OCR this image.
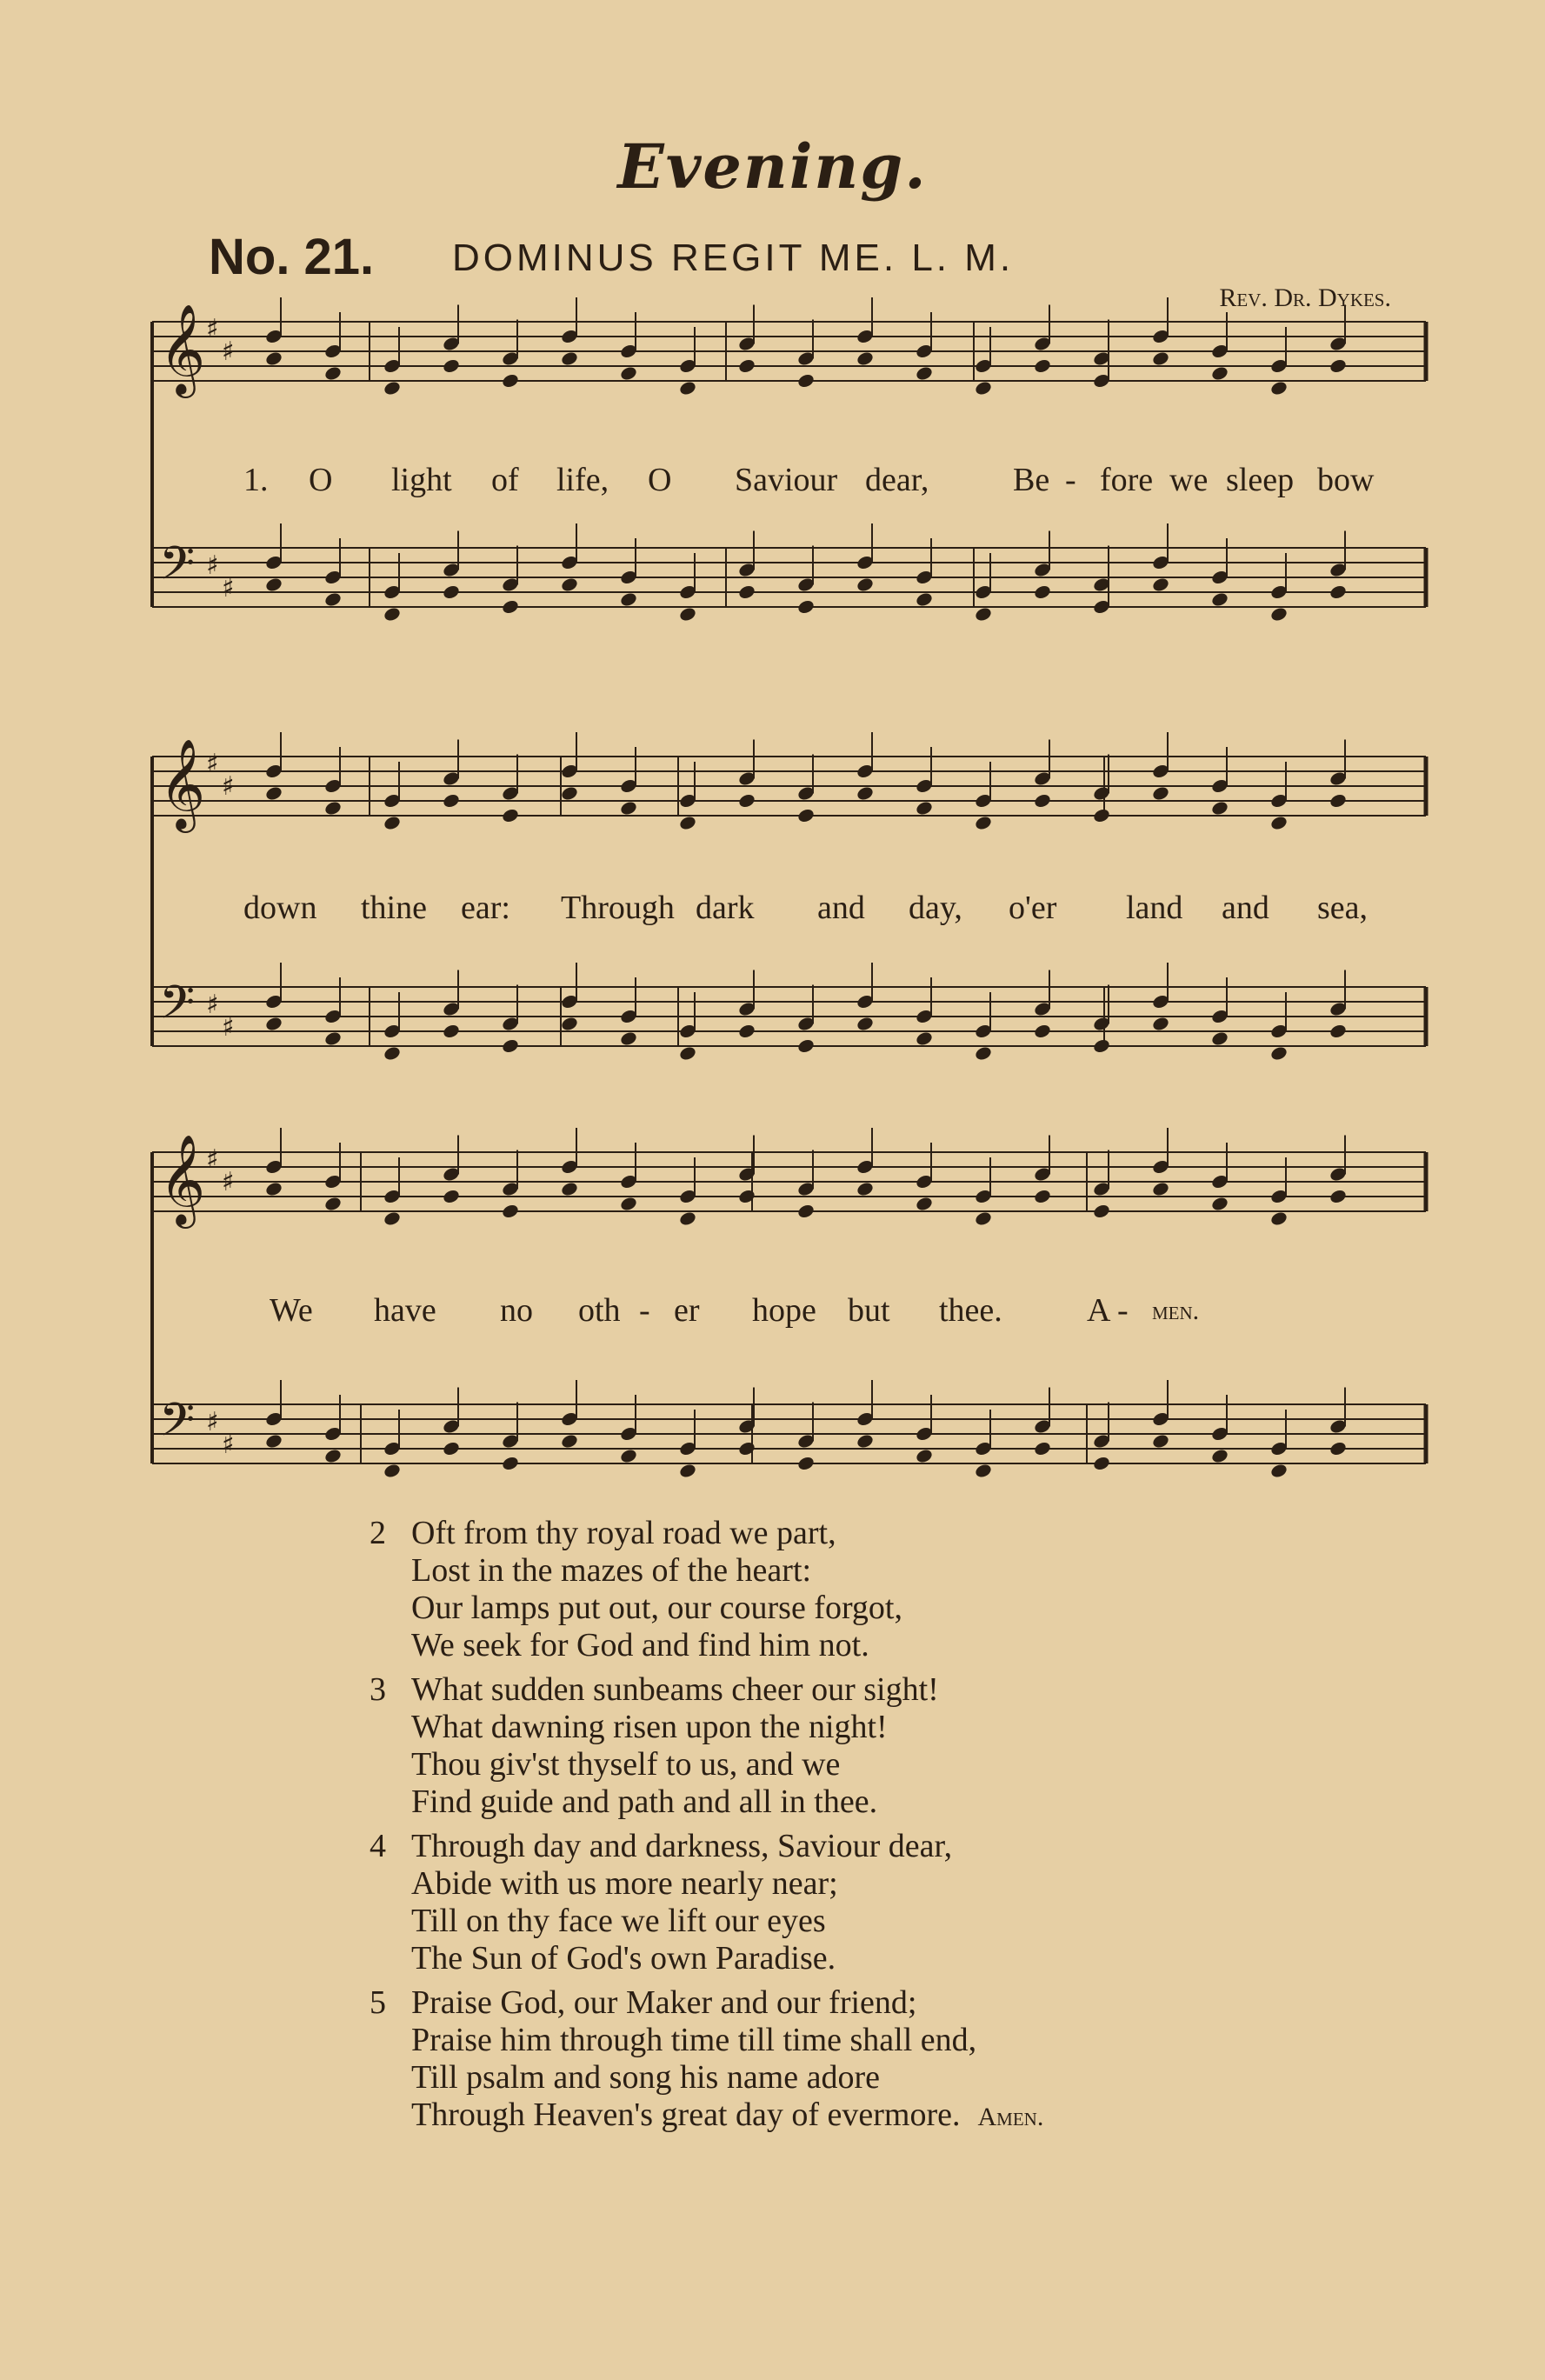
Evening.
No. 21. DOMINUS REGIT ME. L. M.
Rev. Dr. Dykes.
𝄞 ♯
♯
𝄢 ♯
♯
1. O light of life, O Saviour dear,	Be - fore we sleep bow
𝄞 ♯
♯
𝄢 ♯
♯
down thine ear: Through dark and day, o'er land and sea,
𝄞 ♯
♯
𝄢 ♯
♯
We have no oth - er hope but thee.	A - men.
2 Oft from thy royal road we part,
Lost in the mazes of the heart:
Our lamps put out, our course forgot,
We seek for God and find him not.
3 What sudden sunbeams cheer our sight!
What dawning risen upon the night!
Thou giv'st thyself to us, and we
Find guide and path and all in thee.
4 Through day and darkness, Saviour dear,
Abide with us more nearly near;
Till on thy face we lift our eyes
The Sun of God's own Paradise.
5 Praise God, our Maker and our friend;
Praise him through time till time shall end,
Till psalm and song his name adore
Through Heaven's great day of evermore. Amen.
